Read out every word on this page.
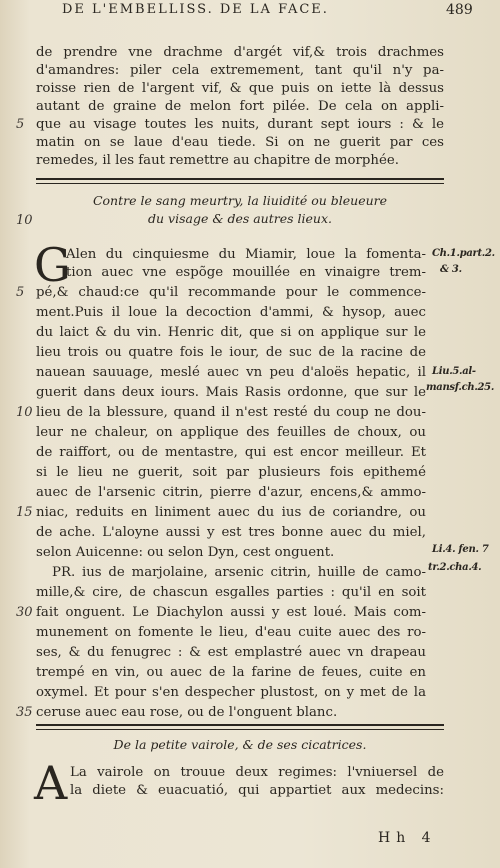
DE L'EMBELLISS. DE LA FACE.	489
de prendre vne drachme d'argét vif,& trois drachmes
d'amandres: piler cela extremement, tant qu'il n'y pa-
roisse rien de l'argent vif, & que puis on iette là dessus
autant de graine de melon fort pilée. De cela on appli-
que au visage toutes les nuits, durant sept iours : & le
matin on se laue d'eau tiede. Si on ne guerit par ces
remedes, il les faut remettre au chapitre de morphée.
5
Contre le sang meurtry, la liuidité ou bleueure
du visage & des autres lieux.
10
G
Alen du cinquiesme du Miamir, loue la fomenta-
tion auec vne espõge mouillée en vinaigre trem-
pé,& chaud:ce qu'il recommande pour le commence-
ment.Puis il loue la decoction d'ammi, & hysop, auec
du laict & du vin. Henric dit, que si on applique sur le
lieu trois ou quatre fois le iour, de suc de la racine de
nauean sauuage, meslé auec vn peu d'aloës hepatic, il
guerit dans deux iours. Mais Rasis ordonne, que sur le
lieu de la blessure, quand il n'est resté du coup ne dou-
leur ne chaleur, on applique des feuilles de choux, ou
de raiffort, ou de mentastre, qui est encor meilleur. Et
si le lieu ne guerit, soit par plusieurs fois epithemé
auec de l'arsenic citrin, pierre d'azur, encens,& ammo-
niac, reduits en liniment auec du ius de coriandre, ou
de ache. L'aloyne aussi y est tres bonne auec du miel,
selon Auicenne: ou selon Dyn, cest onguent.
PR. ius de marjolaine, arsenic citrin, huille de camo-
mille,& cire, de chascun esgalles parties : qu'il en soit
fait onguent. Le Diachylon aussi y est loué. Mais com-
munement on fomente le lieu, d'eau cuite auec des ro-
ses, & du fenugrec : & est emplastré auec vn drapeau
trempé en vin, ou auec de la farine de feues, cuite en
oxymel. Et pour s'en despecher plustost, on y met de la
ceruse auec eau rose, ou de l'onguent blanc.
5
10
15
30
35
Ch.1.part.2.
& 3.
Liu.5.al-
mansf.ch.25.
Li.4. fen. 7
tr.2.cha.4.
De la petite vairole, & de ses cicatrices.
A La vairole on trouue deux regimes: l'vniuersel de
la diete & euacuatió, qui appartiet aux medecins:
Hh 4
